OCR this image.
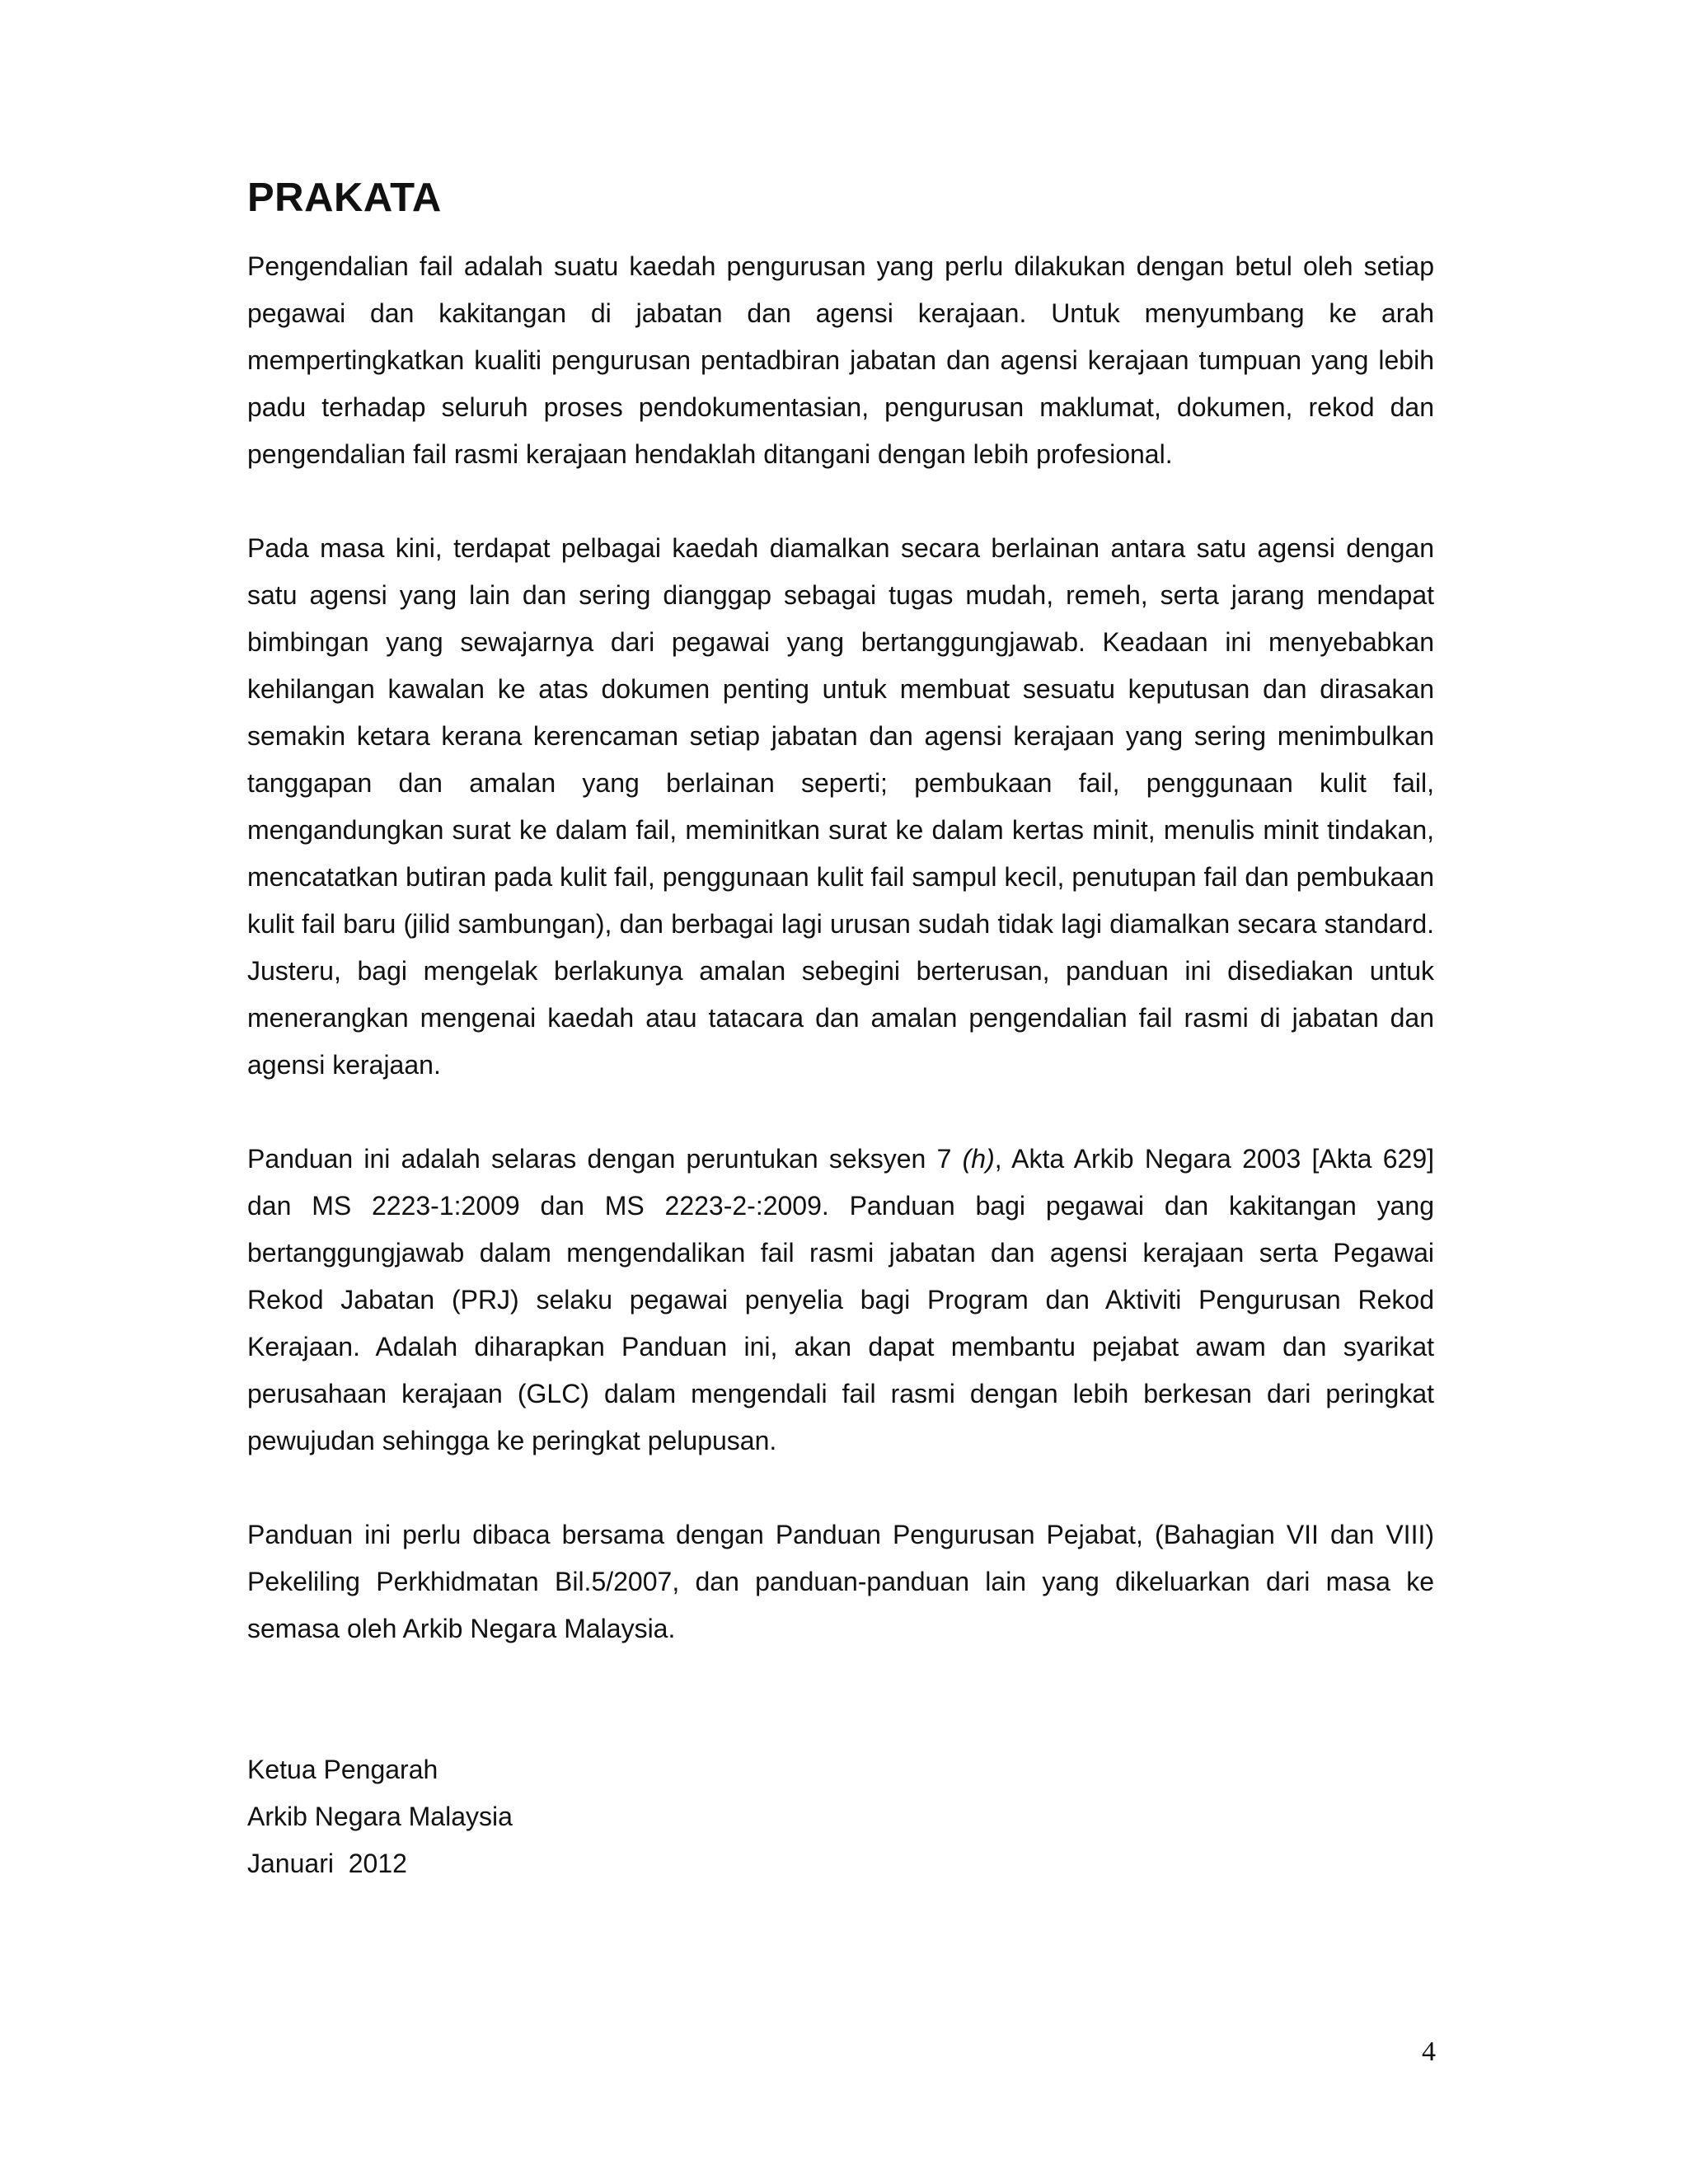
PRAKATA

Pengendalian fail adalah suatu kaedah pengurusan yang perlu dilakukan dengan betul oleh setiap pegawai dan kakitangan di jabatan dan agensi kerajaan. Untuk menyumbang ke arah mempertingkatkan kualiti pengurusan pentadbiran jabatan dan agensi kerajaan tumpuan yang lebih padu terhadap seluruh proses pendokumentasian, pengurusan maklumat, dokumen, rekod dan pengendalian fail rasmi kerajaan hendaklah ditangani dengan lebih profesional.

Pada masa kini, terdapat pelbagai kaedah diamalkan secara berlainan antara satu agensi dengan satu agensi yang lain dan sering dianggap sebagai tugas mudah, remeh, serta jarang mendapat bimbingan yang sewajarnya dari pegawai yang bertanggungjawab. Keadaan ini menyebabkan kehilangan kawalan ke atas dokumen penting untuk membuat sesuatu keputusan dan dirasakan semakin ketara kerana kerencaman setiap jabatan dan agensi kerajaan yang sering menimbulkan tanggapan dan amalan yang berlainan seperti; pembukaan fail, penggunaan kulit fail, mengandungkan surat ke dalam fail, meminitkan surat ke dalam kertas minit, menulis minit tindakan, mencatatkan butiran pada kulit fail, penggunaan kulit fail sampul kecil, penutupan fail dan pembukaan kulit fail baru (jilid sambungan), dan berbagai lagi urusan sudah tidak lagi diamalkan secara standard. Justeru, bagi mengelak berlakunya amalan sebegini berterusan, panduan ini disediakan untuk menerangkan mengenai kaedah atau tatacara dan amalan pengendalian fail rasmi di jabatan dan agensi kerajaan.

Panduan ini adalah selaras dengan peruntukan seksyen 7 (h), Akta Arkib Negara 2003 [Akta 629] dan MS 2223-1:2009 dan MS 2223-2-:2009. Panduan bagi pegawai dan kakitangan yang bertanggungjawab dalam mengendalikan fail rasmi jabatan dan agensi kerajaan serta Pegawai Rekod Jabatan (PRJ) selaku pegawai penyelia bagi Program dan Aktiviti Pengurusan Rekod Kerajaan. Adalah diharapkan Panduan ini, akan dapat membantu pejabat awam dan syarikat perusahaan kerajaan (GLC) dalam mengendali fail rasmi dengan lebih berkesan dari peringkat pewujudan sehingga ke peringkat pelupusan.

Panduan ini perlu dibaca bersama dengan Panduan Pengurusan Pejabat, (Bahagian VII dan VIII) Pekeliling Perkhidmatan Bil.5/2007, dan panduan-panduan lain yang dikeluarkan dari masa ke semasa oleh Arkib Negara Malaysia.

Ketua Pengarah
Arkib Negara Malaysia
Januari  2012
4
